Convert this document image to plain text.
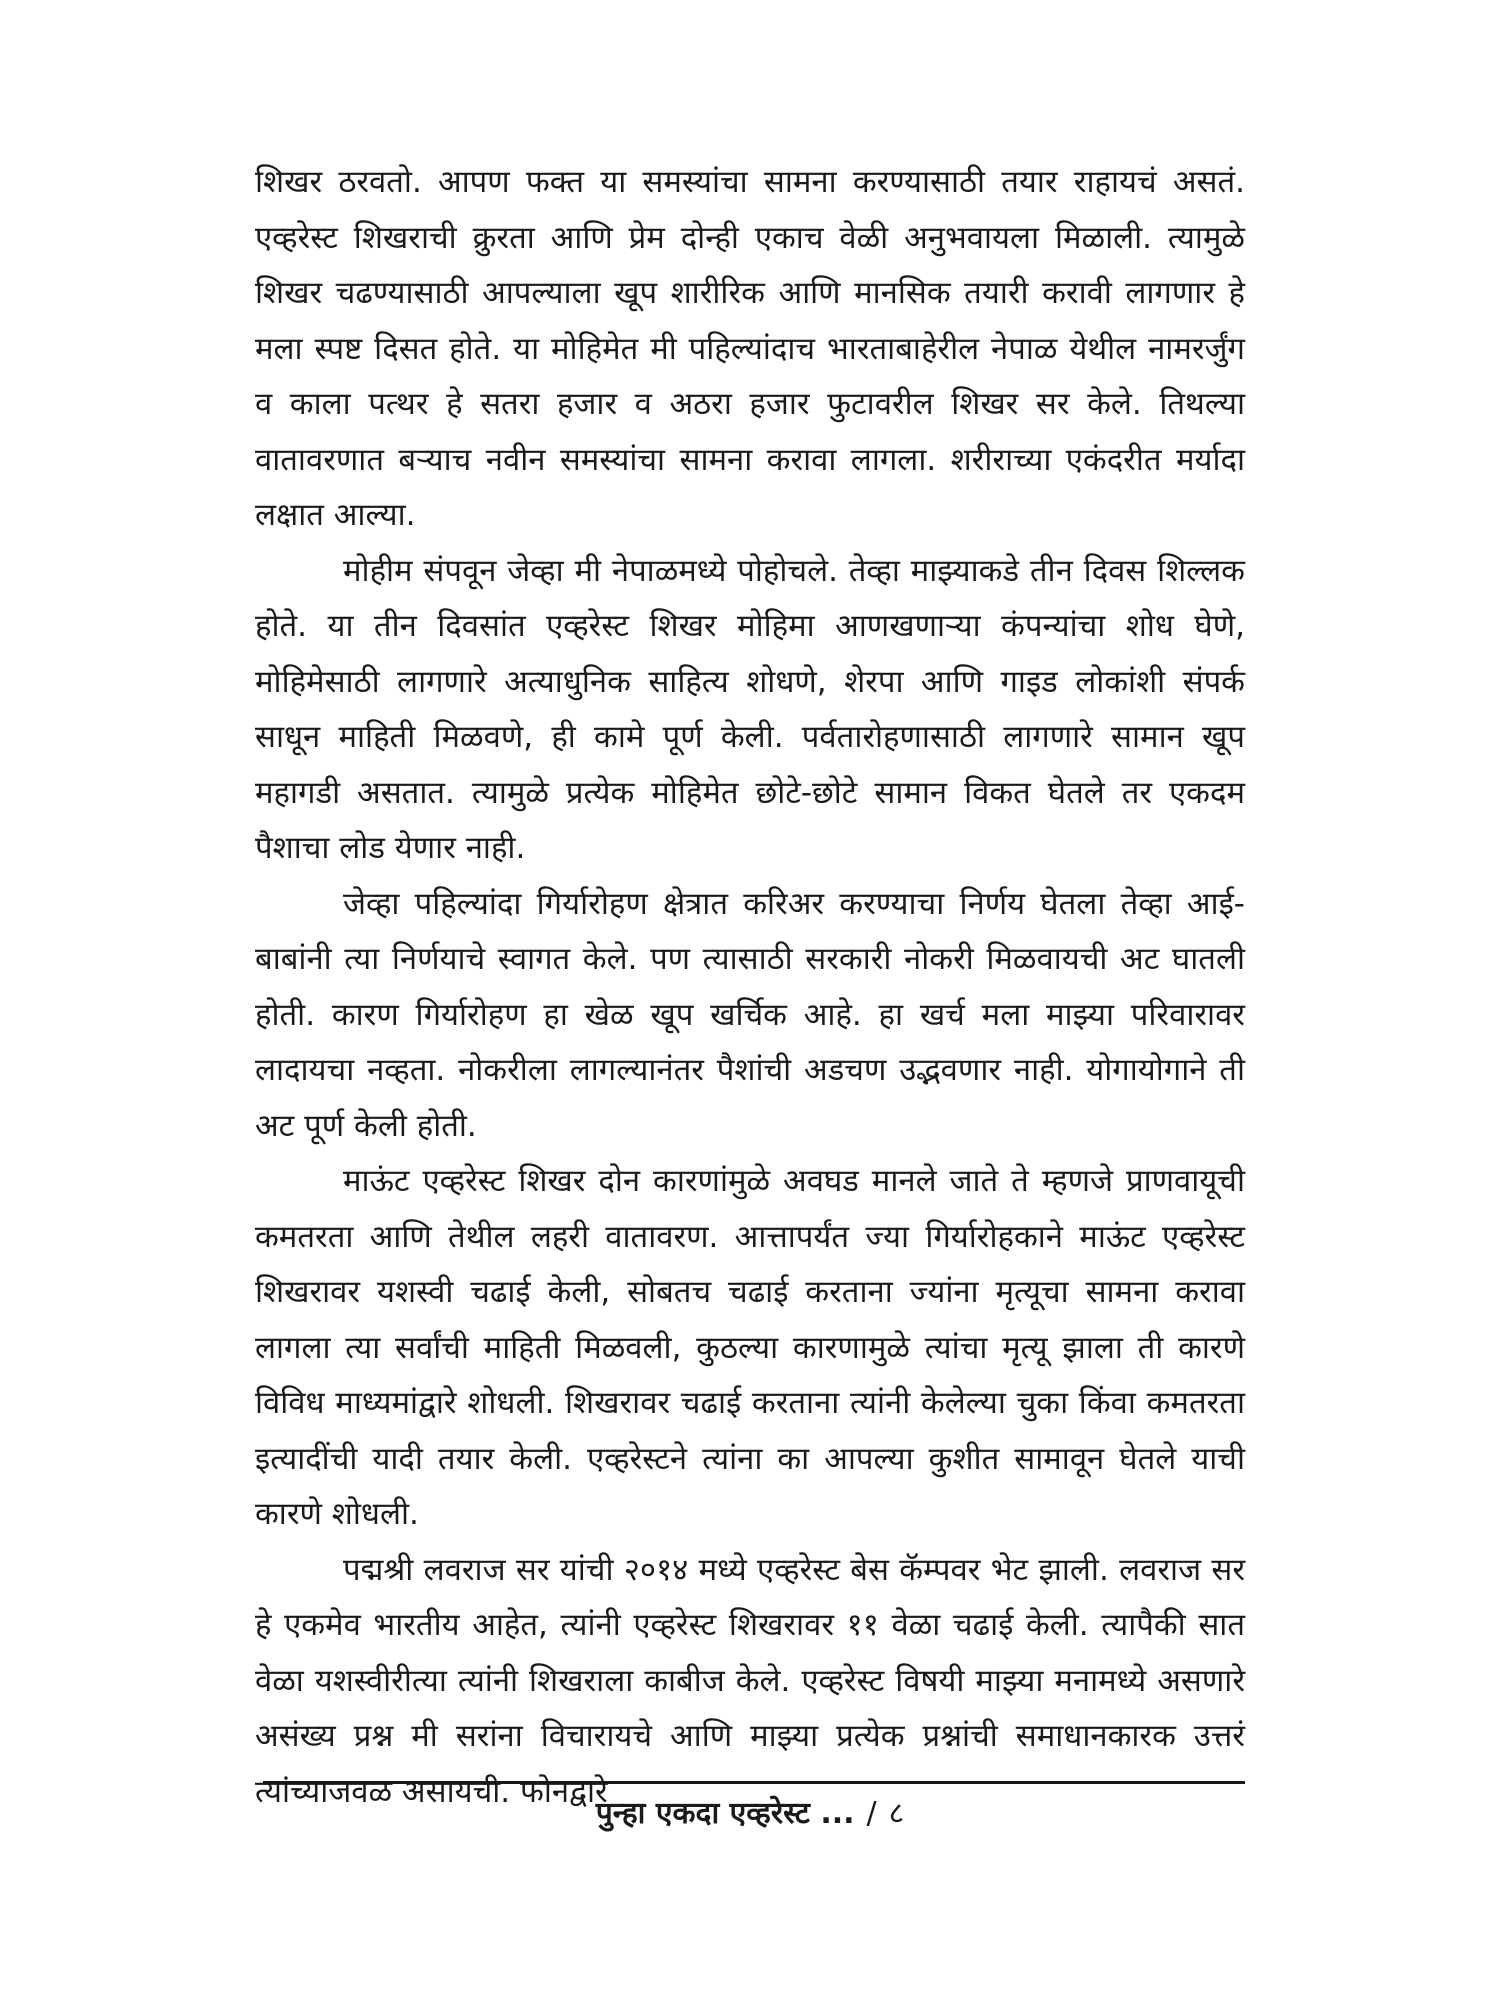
शिखर ठरवतो. आपण फक्त या समस्यांचा सामना करण्यासाठी तयार राहायचं असतं. एव्हरेस्ट शिखराची क्रुरता आणि प्रेम दोन्ही एकाच वेळी अनुभवायला मिळाली. त्यामुळे शिखर चढण्यासाठी आपल्याला खूप शारीरिक आणि मानसिक तयारी करावी लागणार हे मला स्पष्ट दिसत होते. या मोहिमेत मी पहिल्यांदाच भारताबाहेरील नेपाळ येथील नामरर्जुंग व काला पत्थर हे सतरा हजार व अठरा हजार फुटावरील शिखर सर केले. तिथल्या वातावरणात बऱ्याच नवीन समस्यांचा सामना करावा लागला. शरीराच्या एकंदरीत मर्यादा लक्षात आल्या.

मोहीम संपवून जेव्हा मी नेपाळमध्ये पोहोचले. तेव्हा माझ्याकडे तीन दिवस शिल्लक होते. या तीन दिवसांत एव्हरेस्ट शिखर मोहिमा आणखणाऱ्या कंपन्यांचा शोध घेणे, मोहिमेसाठी लागणारे अत्याधुनिक साहित्य शोधणे, शेरपा आणि गाइड लोकांशी संपर्क साधून माहिती मिळवणे, ही कामे पूर्ण केली. पर्वतारोहणासाठी लागणारे सामान खूप महागडी असतात. त्यामुळे प्रत्येक मोहिमेत छोटे-छोटे सामान विकत घेतले तर एकदम पैशाचा लोड येणार नाही.

जेव्हा पहिल्यांदा गिर्यारोहण क्षेत्रात करिअर करण्याचा निर्णय घेतला तेव्हा आई-बाबांनी त्या निर्णयाचे स्वागत केले. पण त्यासाठी सरकारी नोकरी मिळवायची अट घातली होती. कारण गिर्यारोहण हा खेळ खूप खर्चिक आहे. हा खर्च मला माझ्या परिवारावर लादायचा नव्हता. नोकरीला लागल्यानंतर पैशांची अडचण उद्भवणार नाही. योगायोगाने ती अट पूर्ण केली होती.

माऊंट एव्हरेस्ट शिखर दोन कारणांमुळे अवघड मानले जाते ते म्हणजे प्राणवायूची कमतरता आणि तेथील लहरी वातावरण. आत्तापर्यंत ज्या गिर्यारोहकाने माऊंट एव्हरेस्ट शिखरावर यशस्वी चढाई केली, सोबतच चढाई करताना ज्यांना मृत्यूचा सामना करावा लागला त्या सर्वांची माहिती मिळवली, कुठल्या कारणामुळे त्यांचा मृत्यू झाला ती कारणे विविध माध्यमांद्वारे शोधली. शिखरावर चढाई करताना त्यांनी केलेल्या चुका किंवा कमतरता इत्यादींची यादी तयार केली. एव्हरेस्टने त्यांना का आपल्या कुशीत सामावून घेतले याची कारणे शोधली.

पद्मश्री लवराज सर यांची २०१४ मध्ये एव्हरेस्ट बेस कॅम्पवर भेट झाली. लवराज सर हे एकमेव भारतीय आहेत, त्यांनी एव्हरेस्ट शिखरावर ११ वेळा चढाई केली. त्यापैकी सात वेळा यशस्वीरीत्या त्यांनी शिखराला काबीज केले. एव्हरेस्ट विषयी माझ्या मनामध्ये असणारे असंख्य प्रश्न मी सरांना विचारायचे आणि माझ्या प्रत्येक प्रश्नांची समाधानकारक उत्तरं त्यांच्याजवळ असायची. फोनद्वारे

पुन्हा एकदा एव्हरेस्ट ... / ८
